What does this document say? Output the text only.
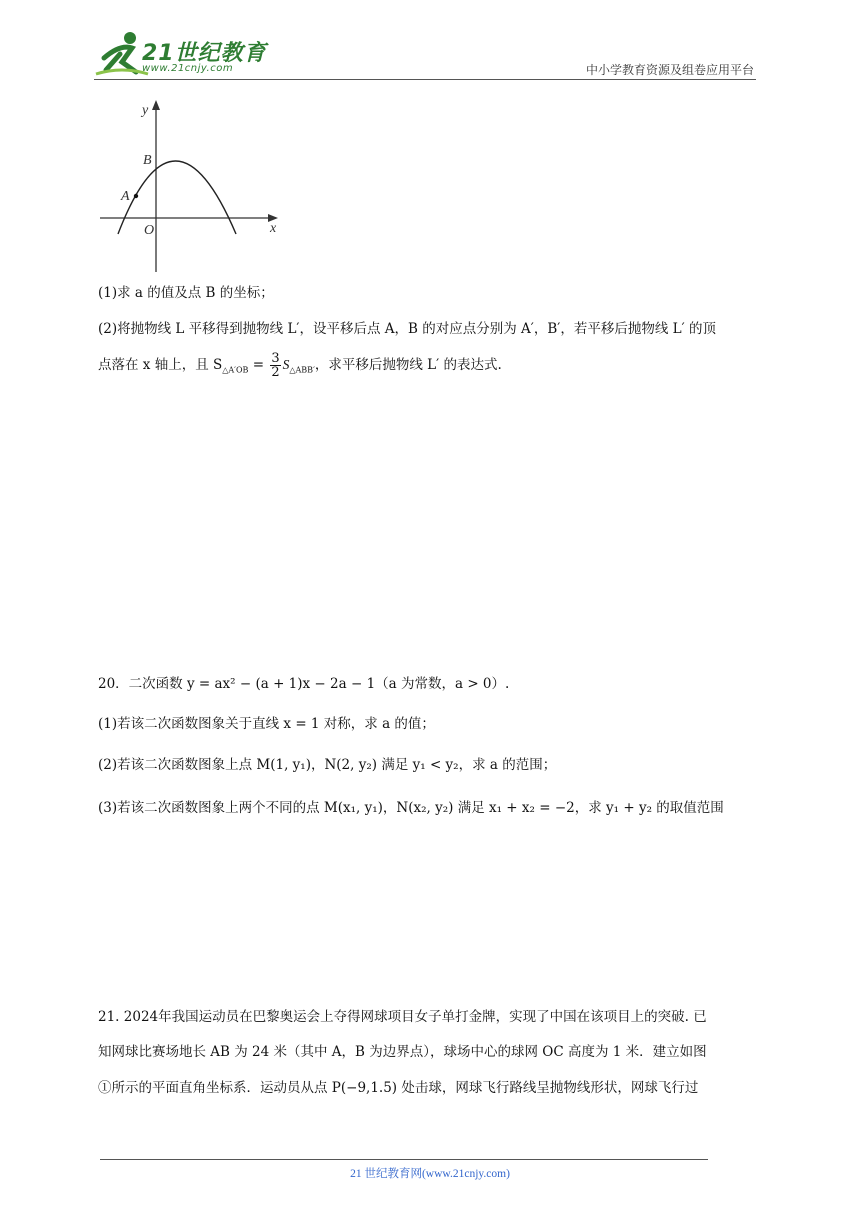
21世纪教育
www.21cnjy.com	中小学教育资源及组卷应用平台
y
x
O
A
B
(1)求 a 的值及点 B 的坐标；
(2)将抛物线 L 平移得到抛物线 L′，设平移后点 A，B 的对应点分别为 A′，B′，若平移后抛物线 L′ 的顶
点落在 x 轴上，且 $S_{\triangle A'OB} = \frac{3}{2} S_{\triangle ABB'}$，求平移后抛物线 L′ 的表达式.
20．二次函数 y = ax² − (a + 1)x − 2a − 1（a 为常数，a > 0）.
(1)若该二次函数图象关于直线 x = 1 对称，求 a 的值；
(2)若该二次函数图象上点 M(1, y₁)，N(2, y₂) 满足 y₁ < y₂，求 a 的范围；
(3)若该二次函数图象上两个不同的点 M(x₁, y₁)，N(x₂, y₂) 满足 x₁ + x₂ = −2，求 y₁ + y₂ 的取值范围
21. 2024年我国运动员在巴黎奥运会上夺得网球项目女子单打金牌，实现了中国在该项目上的突破. 已
知网球比赛场地长 AB 为 24 米（其中 A，B 为边界点），球场中心的球网 OC 高度为 1 米．建立如图
①所示的平面直角坐标系．运动员从点 P(−9,1.5) 处击球，网球飞行路线呈抛物线形状，网球飞行过
21 世纪教育网(www.21cnjy.com)
